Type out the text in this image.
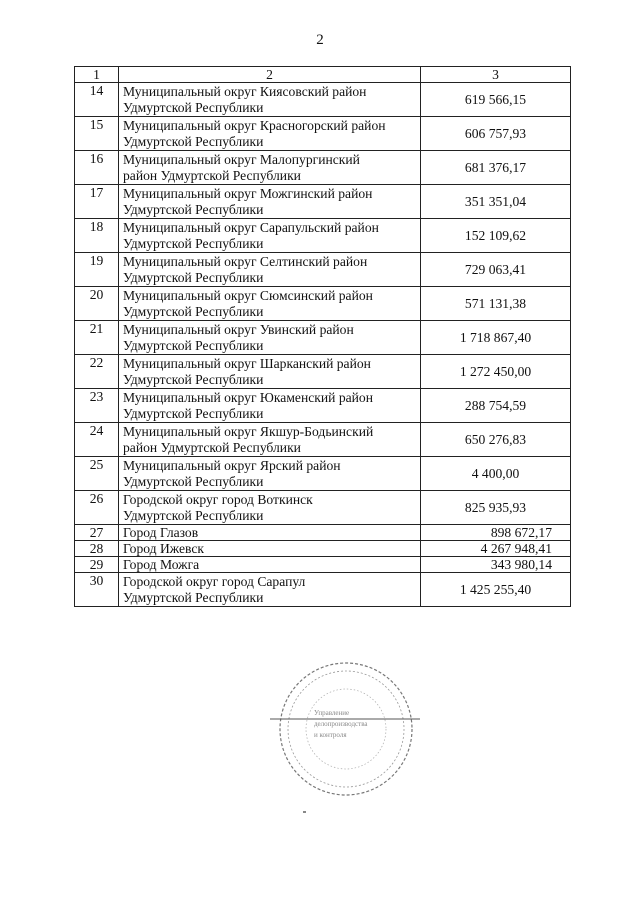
2
1	2	3
14	Муниципальный округ Киясовский район
Удмуртской Республики	619 566,15
15	Муниципальный округ Красногорский район
Удмуртской Республики	606 757,93
16	Муниципальный округ Малопургинский
район Удмуртской Республики	681 376,17
17	Муниципальный округ Можгинский район
Удмуртской Республики	351 351,04
18	Муниципальный округ Сарапульский район
Удмуртской Республики	152 109,62
19	Муниципальный округ Селтинский район
Удмуртской Республики	729 063,41
20	Муниципальный округ Сюмсинский район
Удмуртской Республики	571 131,38
21	Муниципальный округ Увинский район
Удмуртской Республики	1 718 867,40
22	Муниципальный округ Шарканский район
Удмуртской Республики	1 272 450,00
23	Муниципальный округ Юкаменский район
Удмуртской Республики	288 754,59
24	Муниципальный округ Якшур-Бодьинский
район Удмуртской Республики	650 276,83
25	Муниципальный округ Ярский район
Удмуртской Республики	4 400,00
26	Городской округ город Воткинск
Удмуртской Республики	825 935,93
27	Город Глазов	898 672,17
28	Город Ижевск	4 267 948,41
29	Город Можга	343 980,14
30	Городской округ город Сарапул
Удмуртской Республики	1 425 255,40
Управление
делопроизводства
и контроля
